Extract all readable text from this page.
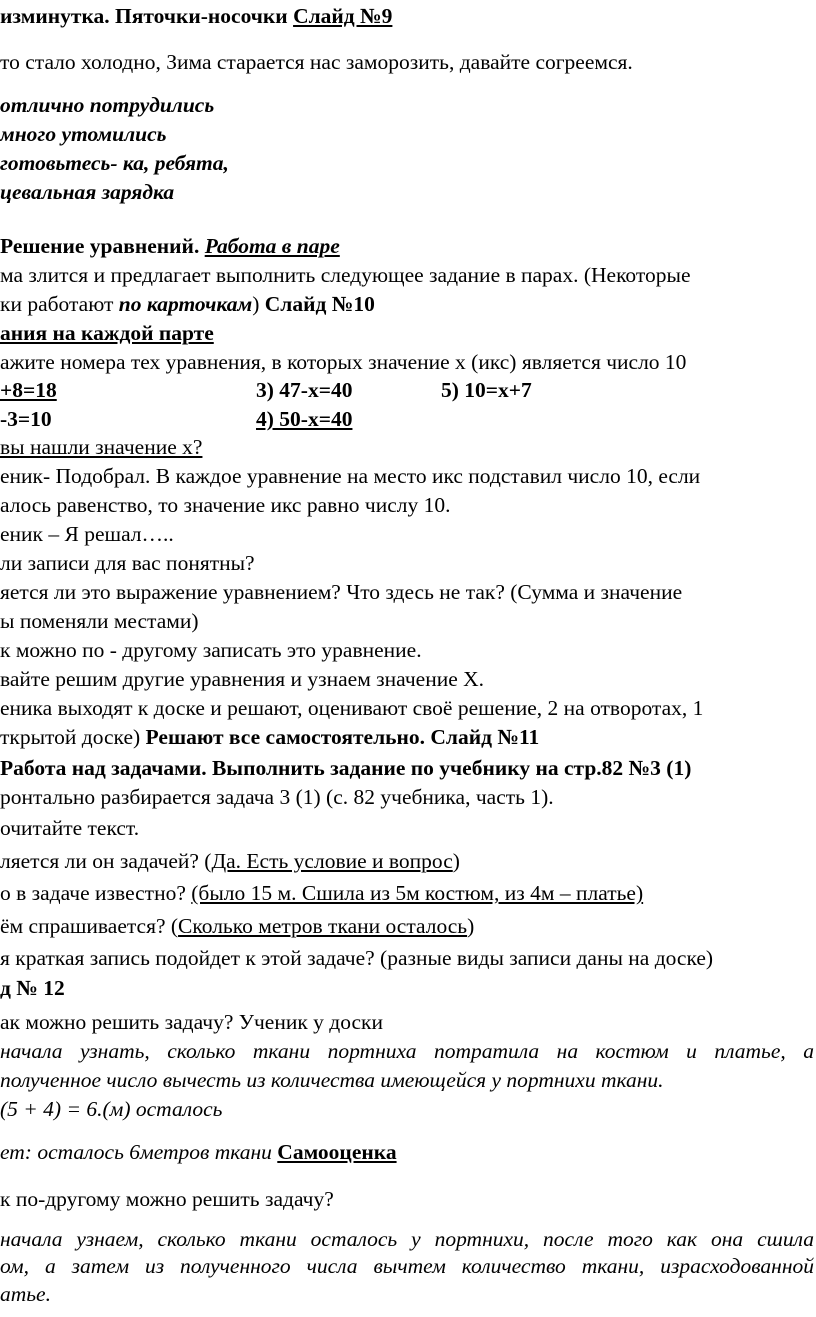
изминутка. Пяточки-носочки Слайд №9

то стало холодно, Зима старается нас заморозить, давайте согреемся.

отлично потрудились

много утомились

готовьтесь- ка, ребята,

цевальная зарядка

Решение уравнений. Работа в паре

ма злится и предлагает выполнить следующее задание в парах. (Некоторые

ки работают по карточкам) Слайд №10

ания на каждой парте

ажите номера тех уравнения, в которых значение х (икс) является число 10

+8=18	3) 47-х=40	5) 10=х+7
-3=10	4) 50-х=40

вы нашли значение х?

еник- Подобрал. В каждое уравнение на место икс подставил число 10, если

алось равенство, то значение икс равно числу 10.

еник – Я решал…..

ли записи для вас понятны?

яется ли это выражение уравнением? Что здесь не так? (Сумма и значение

ы поменяли местами)

к можно по - другому записать это уравнение.

вайте решим другие уравнения и узнаем значение Х.

еника выходят к доске и решают, оценивают своё решение, 2 на отворотах, 1

ткрытой доске) Решают все самостоятельно. Слайд №11

Работа над задачами. Выполнить задание по учебнику на стр.82 №3 (1)

ронтально разбирается задача 3 (1) (с. 82 учебника, часть 1).

очитайте текст.

ляется ли он задачей? (Да. Есть условие и вопрос)

о в задаче известно? (было 15 м. Сшила из 5м костюм, из 4м – платье)

ём спрашивается? (Сколько метров ткани осталось)

я краткая запись подойдет к этой задаче? (разные виды записи даны на доске)

д № 12

ак можно решить задачу? Ученик у доски

начала узнать, сколько ткани портниха потратила на костюм и платье, а

полученное число вычесть из количества имеющейся у портнихи ткани.

(5 + 4) = 6.(м) осталось

ет: осталось 6метров ткани Самооценка

к по-другому можно решить задачу?

начала узнаем, сколько ткани осталось у портнихи, после того как она сшила

ом, а затем из полученного числа вычтем количество ткани, израсходованной

атье.
